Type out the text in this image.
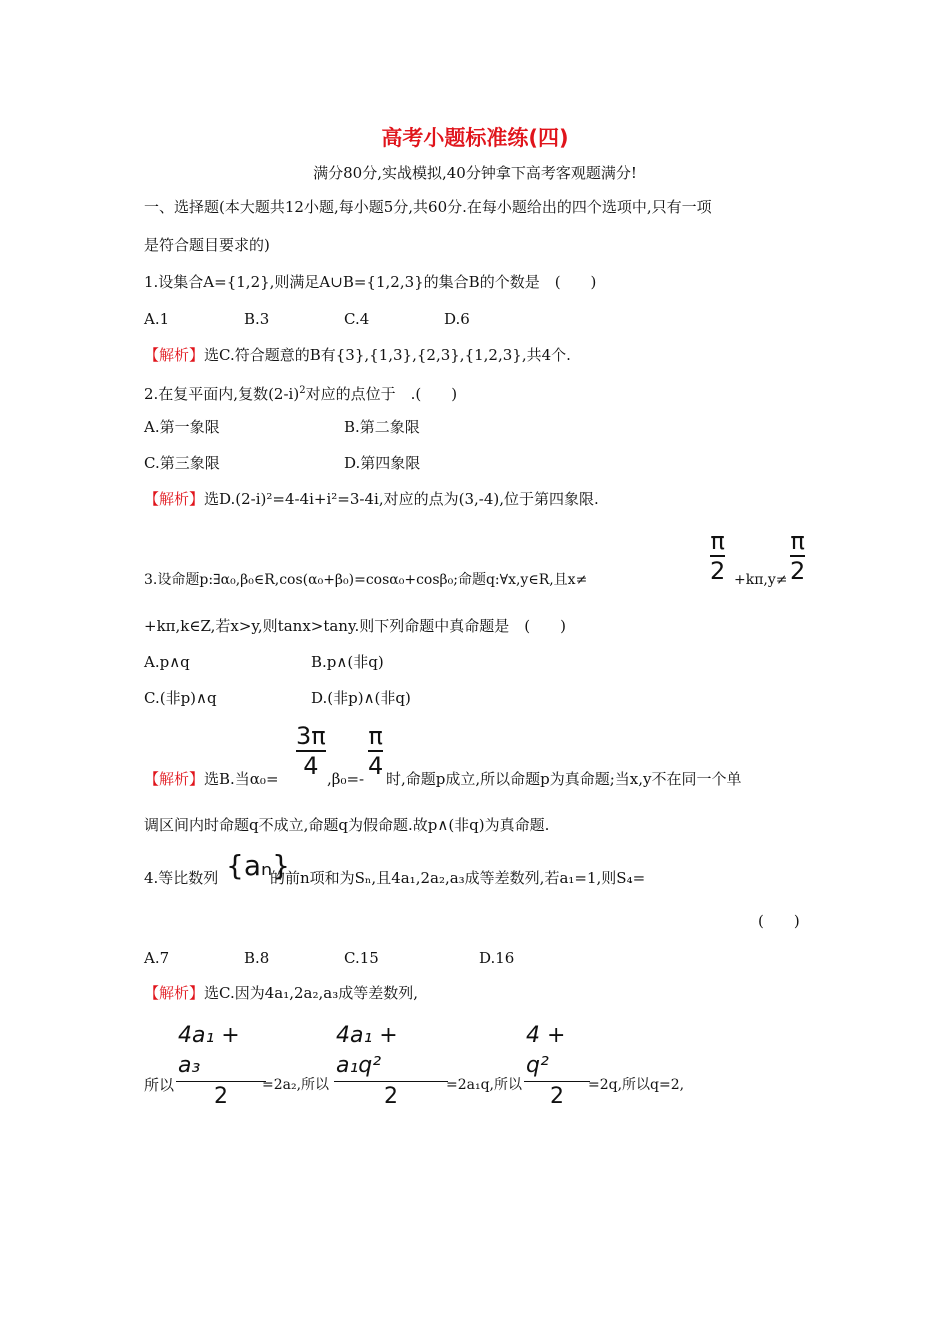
高考小题标准练(四)
满分80分,实战模拟,40分钟拿下高考客观题满分!
一、选择题(本大题共12小题,每小题5分,共60分.在每小题给出的四个选项中,只有一项
是符合题目要求的)
1.设集合A={1,2},则满足A∪B={1,2,3}的集合B的个数是　(　　)
A.1	B.3	C.4	D.6
【解析】选C.符合题意的B有{3},{1,3},{2,3},{1,2,3},共4个.
2.在复平面内,复数$(2-i)^2$对应的点位于　.(　　)
A.第一象限	B.第二象限
C.第三象限	D.第四象限
【解析】选D.(2-i)²=4-4i+i²=3-4i,对应的点为(3,-4),位于第四象限.
π
2
π
2
3.设命题p:∃α₀,β₀∈R,cos(α₀+β₀)=cosα₀+cosβ₀;命题q:∀x,y∈R,且x≠	+kπ,y≠
+kπ,k∈Z,若x>y,则tanx>tany.则下列命题中真命题是　(　　)
A.p∧q	B.p∧(非q)
C.(非p)∧q	D.(非p)∧(非q)
3π
4
π
4
【解析】选B.当α₀=	,β₀=- 时,命题p成立,所以命题p为真命题;当x,y不在同一个单
调区间内时命题q不成立,命题q为假命题.故p∧(非q)为真命题.
4.等比数列 {aₙ}
的前n项和为Sₙ,且4a₁,2a₂,a₃成等差数列,若a₁=1,则S₄=
(　　)
A.7	B.8	C.15	D.16
【解析】选C.因为4a₁,2a₂,a₃成等差数列,
4a₁ + a₃
2
4a₁ + a₁q²
2
4 + q²
2
所以	=2a₂,所以	=2a₁q,所以	=2q,所以q=2,
